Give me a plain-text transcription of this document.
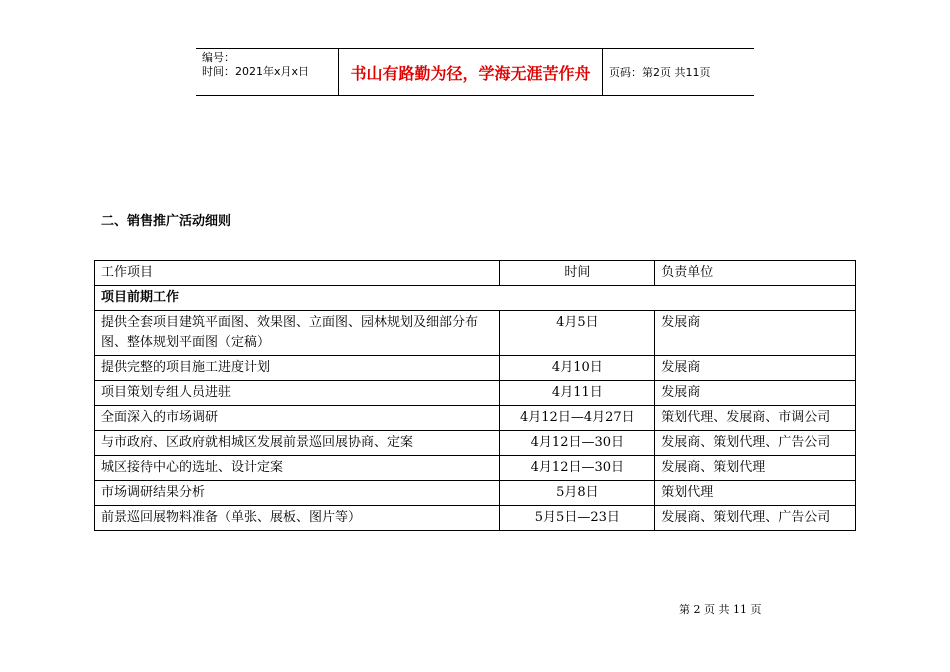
编号：
时间：2021年x月x日	书山有路勤为径，学海无涯苦作舟	页码：第2页 共11页
二、销售推广活动细则
工作项目	时间	负责单位
项目前期工作		
提供全套项目建筑平面图、效果图、立面图、园林规划及细部分布图、整体规划平面图（定稿）	4月5日	发展商
提供完整的项目施工进度计划	4月10日	发展商
项目策划专组人员进驻	4月11日	发展商
全面深入的市场调研	4月12日—4月27日	策划代理、发展商、市调公司
与市政府、区政府就相城区发展前景巡回展协商、定案	4月12日—30日	发展商、策划代理、广告公司
城区接待中心的选址、设计定案	4月12日—30日	发展商、策划代理
市场调研结果分析	5月8日	策划代理
前景巡回展物料准备（单张、展板、图片等）	5月5日—23日	发展商、策划代理、广告公司
第 2 页 共 11 页
